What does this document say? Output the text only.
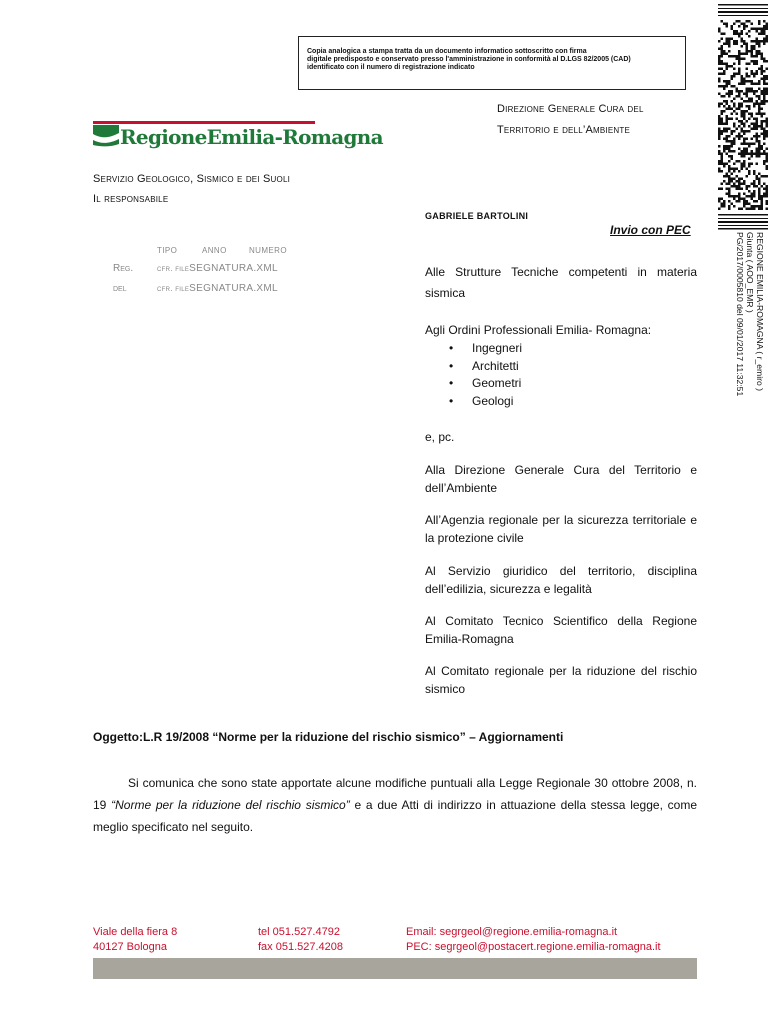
Copia analogica a stampa tratta da un documento informatico sottoscritto con firma
digitale predisposto e conservato presso l'amministrazione in conformità al D.LGS 82/2005 (CAD)
identificato con il numero di registrazione indicato
REGIONE EMILIA-ROMAGNA ( r_emiro )
Giunta ( AOO_EMR )
PG/2017/0005810 del 09/01/2017 11:32:51
RegioneEmilia-Romagna
Direzione Generale Cura del
Territorio e dell’Ambiente
Servizio Geologico, Sismico e dei Suoli
Il responsabile
GABRIELE BARTOLINI
Invio con PEC
TIPO	ANNO	NUMERO
Reg.	cfr. fileSEGNATURA.XML
del	cfr. fileSEGNATURA.XML

Alle Strutture Tecniche competenti in materia sismica

Agli Ordini Professionali Emilia- Romagna:

• Ingegneri
• Architetti
• Geometri
• Geologi

e, pc.

Alla Direzione Generale Cura del Territorio e dell’Ambiente

All’Agenzia regionale per la sicurezza territoriale e la protezione civile

Al Servizio giuridico del territorio, disciplina dell’edilizia, sicurezza e legalità

Al Comitato Tecnico Scientifico della Regione Emilia-Romagna

Al Comitato regionale per la riduzione del rischio sismico

Oggetto:L.R 19/2008 “Norme per la riduzione del rischio sismico” – Aggiornamenti
Si comunica che sono state apportate alcune modifiche puntuali alla Legge Regionale 30 ottobre 2008, n. 19 “Norme per la riduzione del rischio sismico” e a due Atti di indirizzo in attuazione della stessa legge, come meglio specificato nel seguito.
Viale della fiera 8
40127 Bologna
tel 051.527.4792
fax 051.527.4208
Email: segrgeol@regione.emilia-romagna.it
PEC: segrgeol@postacert.regione.emilia-romagna.it
